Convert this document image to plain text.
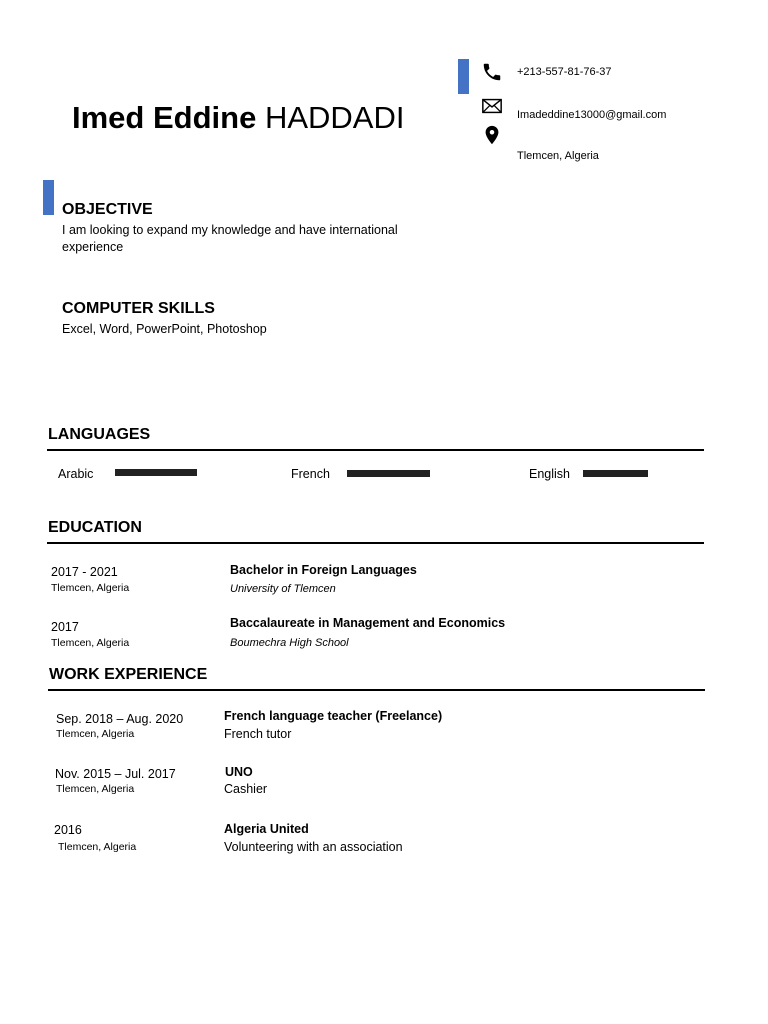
Imed Eddine HADDADI
+213-557-81-76-37
Imadeddine13000@gmail.com
Tlemcen, Algeria
OBJECTIVE
I am looking to expand my knowledge and have international
experience
COMPUTER SKILLS
Excel, Word, PowerPoint, Photoshop
LANGUAGES
Arabic	French	English
EDUCATION
2017 - 2021
Tlemcen, Algeria
Bachelor in Foreign Languages
University of Tlemcen
2017
Tlemcen, Algeria
Baccalaureate in Management and Economics
Boumechra High School
WORK EXPERIENCE
Sep. 2018 – Aug. 2020
Tlemcen, Algeria
French language teacher (Freelance)
French tutor
Nov. 2015 – Jul. 2017
Tlemcen, Algeria
UNO
Cashier
2016
Tlemcen, Algeria
Algeria United
Volunteering with an association
